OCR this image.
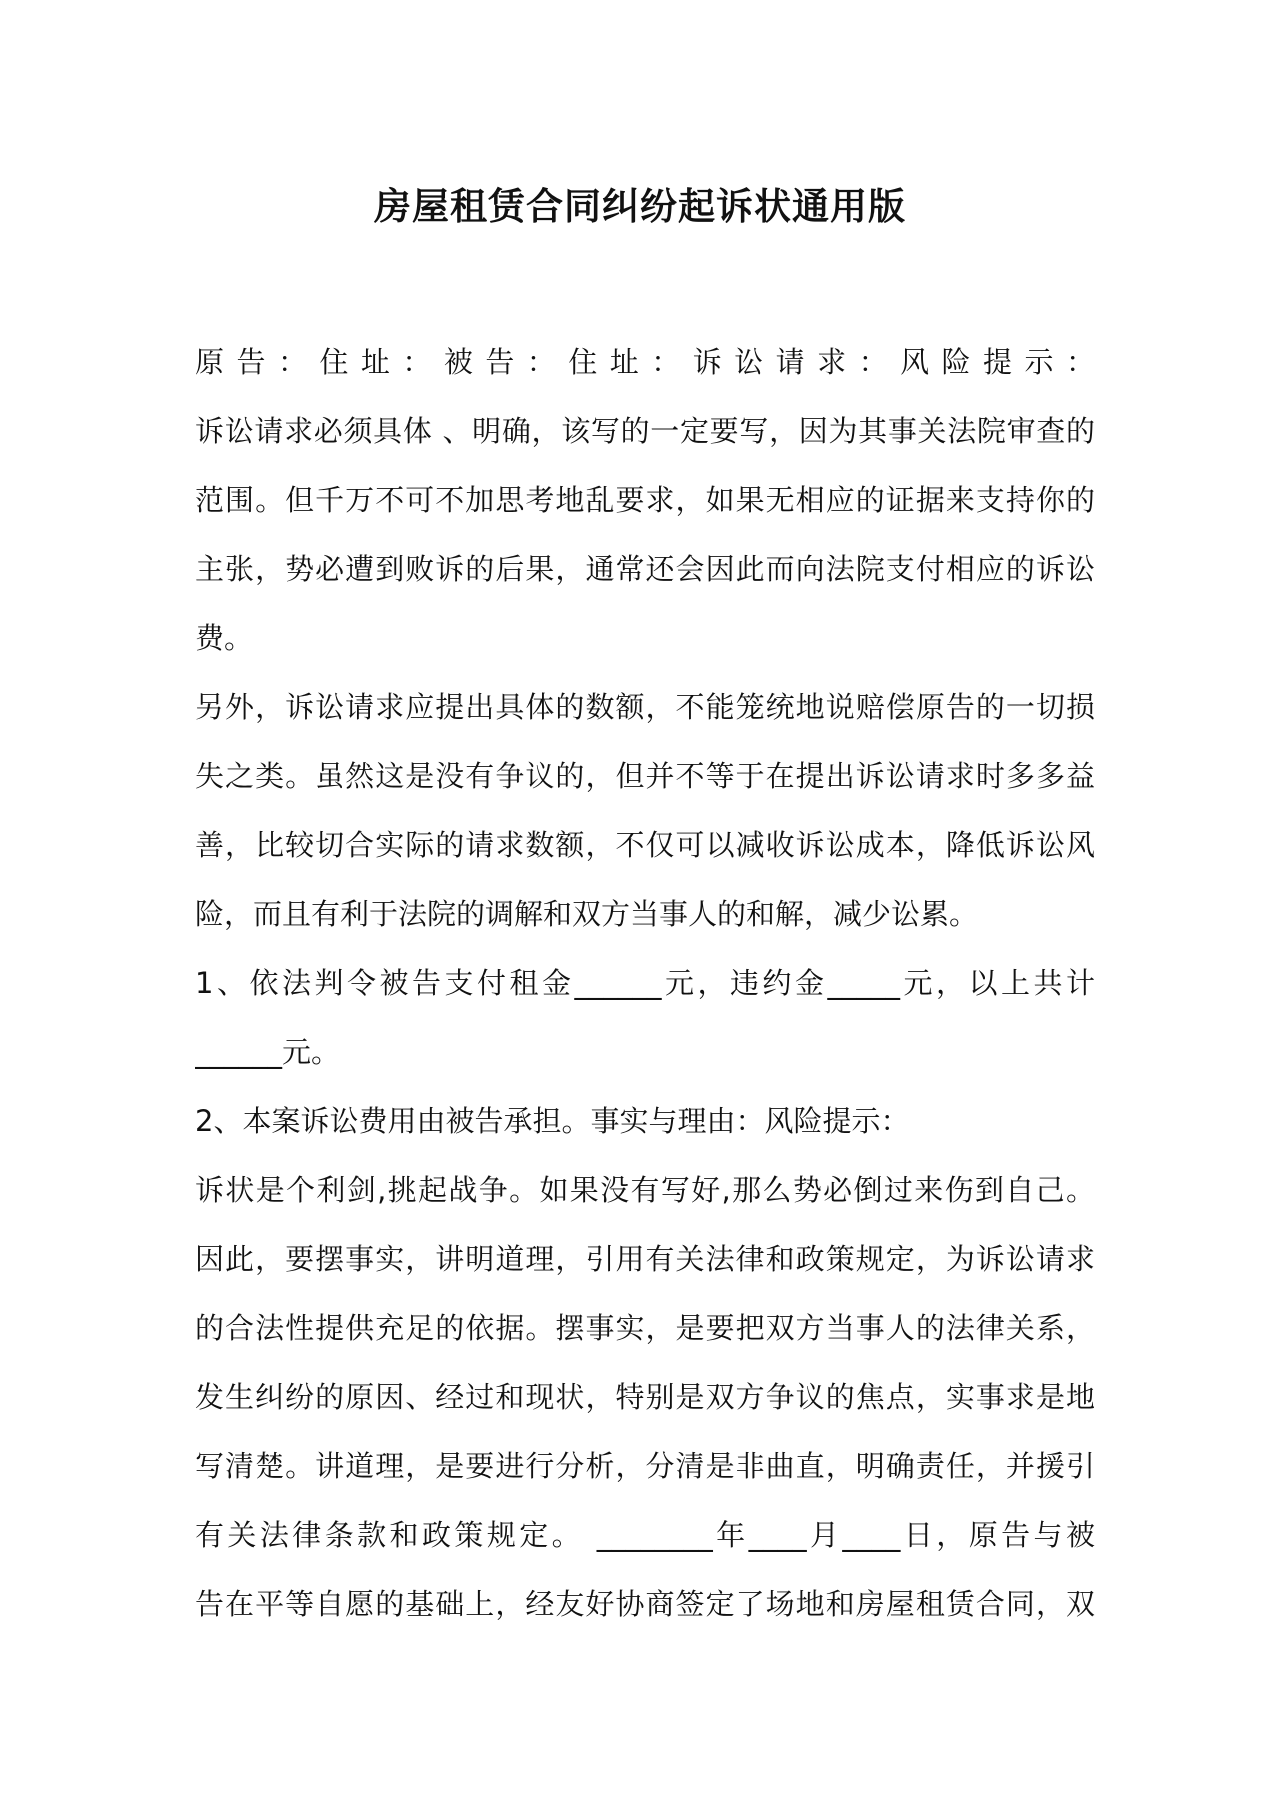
房屋租赁合同纠纷起诉状通用版
原告：住址：被告：住址：诉讼请求：风险提示：
诉讼请求必须具体 、明确，该写的一定要写，因为其事关法院审查的
范围。但千万不可不加思考地乱要求，如果无相应的证据来支持你的
主张，势必遭到败诉的后果，通常还会因此而向法院支付相应的诉讼
费。
另外，诉讼请求应提出具体的数额，不能笼统地说赔偿原告的一切损
失之类。虽然这是没有争议的，但并不等于在提出诉讼请求时多多益
善，比较切合实际的请求数额，不仅可以减收诉讼成本，降低诉讼风
险，而且有利于法院的调解和双方当事人的和解，减少讼累。
1、依法判令被告支付租金______元，违约金_____元，以上共计
______元。
2、本案诉讼费用由被告承担。事实与理由：风险提示：
诉状是个利剑,挑起战争。如果没有写好,那么势必倒过来伤到自己。
因此，要摆事实，讲明道理，引用有关法律和政策规定，为诉讼请求
的合法性提供充足的依据。摆事实，是要把双方当事人的法律关系，
发生纠纷的原因、经过和现状，特别是双方争议的焦点，实事求是地
写清楚。讲道理，是要进行分析，分清是非曲直，明确责任，并援引
有关法律条款和政策规定。 ________年____月____日，原告与被
告在平等自愿的基础上，经友好协商签定了场地和房屋租赁合同，双
